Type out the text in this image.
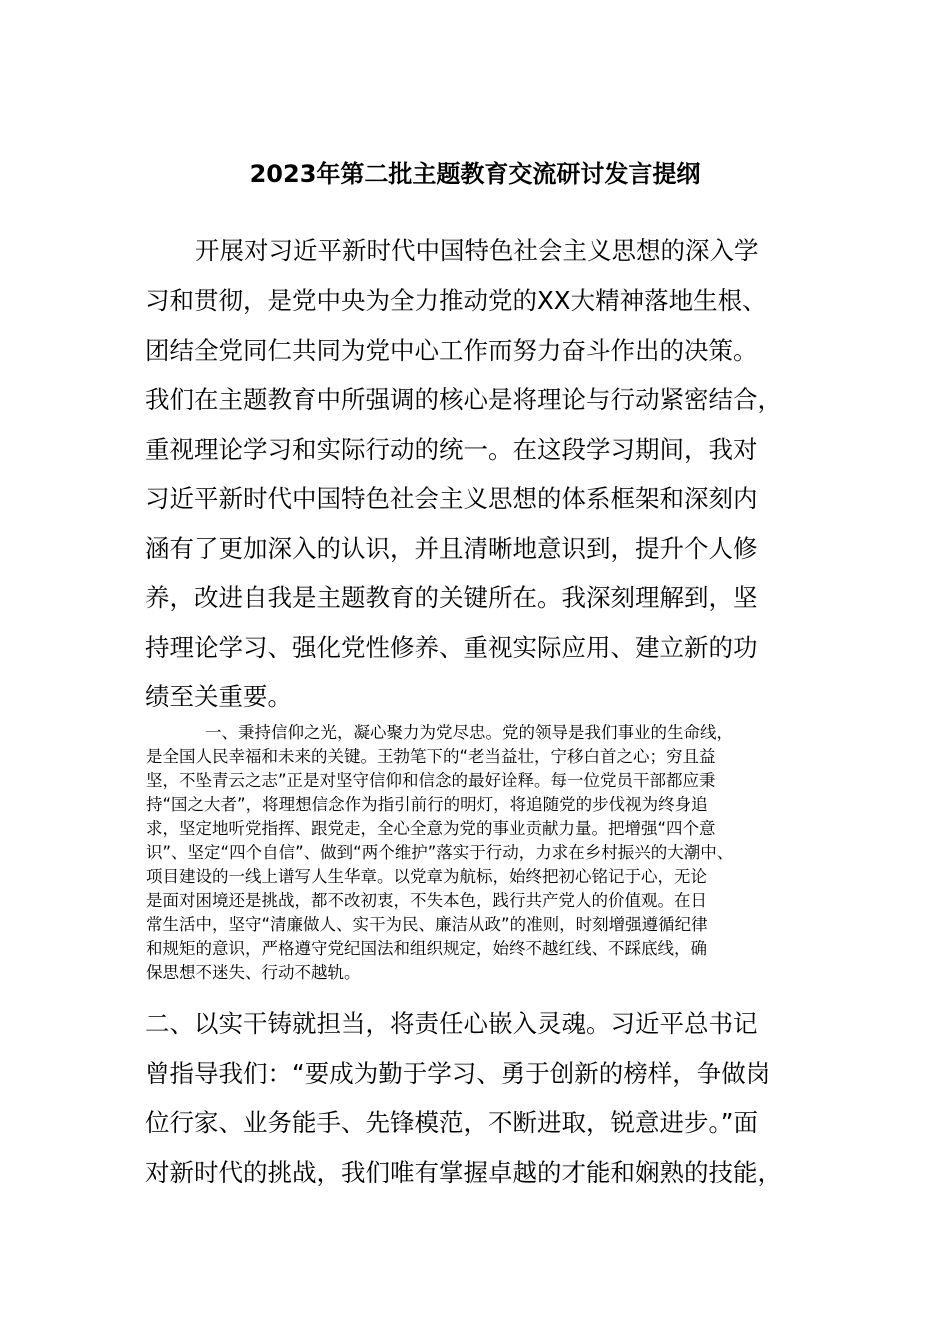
2023年第二批主题教育交流研讨发言提纲
开展对习近平新时代中国特色社会主义思想的深入学
习和贯彻，是党中央为全力推动党的XX大精神落地生根、
团结全党同仁共同为党中心工作而努力奋斗作出的决策。
我们在主题教育中所强调的核心是将理论与行动紧密结合，
重视理论学习和实际行动的统一。在这段学习期间，我对
习近平新时代中国特色社会主义思想的体系框架和深刻内
涵有了更加深入的认识，并且清晰地意识到，提升个人修
养，改进自我是主题教育的关键所在。我深刻理解到，坚
持理论学习、强化党性修养、重视实际应用、建立新的功
绩至关重要。
一、秉持信仰之光，凝心聚力为党尽忠。党的领导是我们事业的生命线，
是全国人民幸福和未来的关键。王勃笔下的“老当益壮，宁移白首之心；穷且益
坚，不坠青云之志”正是对坚守信仰和信念的最好诠释。每一位党员干部都应秉
持“国之大者”，将理想信念作为指引前行的明灯，将追随党的步伐视为终身追
求，坚定地听党指挥、跟党走，全心全意为党的事业贡献力量。把增强“四个意
识”、坚定“四个自信”、做到“两个维护”落实于行动，力求在乡村振兴的大潮中、
项目建设的一线上谱写人生华章。以党章为航标，始终把初心铭记于心，无论
是面对困境还是挑战，都不改初衷，不失本色，践行共产党人的价值观。在日
常生活中，坚守“清廉做人、实干为民、廉洁从政”的准则，时刻增强遵循纪律
和规矩的意识，严格遵守党纪国法和组织规定，始终不越红线、不踩底线，确
保思想不迷失、行动不越轨。
二、以实干铸就担当，将责任心嵌入灵魂。习近平总书记
曾指导我们：“要成为勤于学习、勇于创新的榜样，争做岗
位行家、业务能手、先锋模范，不断进取，锐意进步。”面
对新时代的挑战，我们唯有掌握卓越的才能和娴熟的技能，
